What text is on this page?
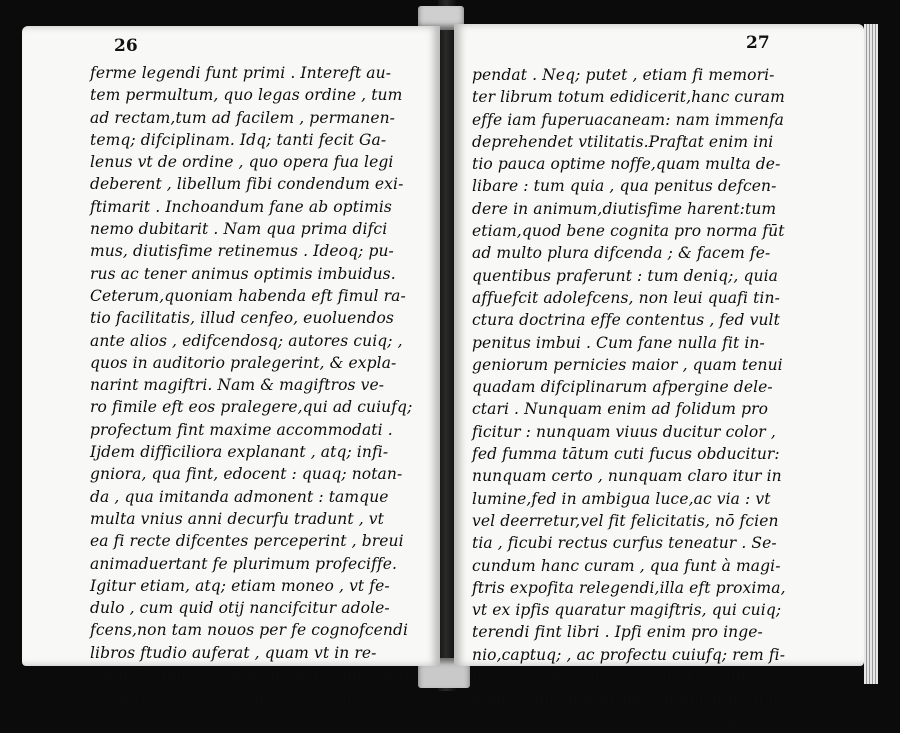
26
ferme legendi funt primi . Intereft au-
tem permultum, quo legas ordine , tum
ad rectam,tum ad facilem , permanen-
temq; difciplinam. Idq; tanti fecit Ga-
lenus vt de ordine , quo opera fua legi
deberent , libellum fibi condendum exi-
ftimarit . Inchoandum fane ab optimis
nemo dubitarit . Nam qua prima difci
mus, diutisfime retinemus . Ideoq; pu-
rus ac tener animus optimis imbuidus.
Ceterum,quoniam habenda eft fimul ra-
tio facilitatis, illud cenfeo, euoluendos
ante alios , edifcendosq; autores cuiq; ,
quos in auditorio pralegerint, & expla-
narint magiftri. Nam & magiftros ve-
ro fimile eft eos pralegere,qui ad cuiufq;
profectum fint maxime accommodati .
Ijdem difficiliora explanant , atq; infi-
gniora, qua fint, edocent : quaq; notan-
da , qua imitanda admonent : tamque
multa vnius anni decurfu tradunt , vt
ea fi recte difcentes perceperint , breui
animaduertant fe plurimum profeciffe.
Igitur etiam, atq; etiam moneo , vt fe-
dulo , cum quid otij nancifcitur adole-
fcens,non tam nouos per fe cognofcendi
libros ftudio auferat , quam vt in re-
cognofcendis reuoluendisq; ijs,quos iam
magiftro duce cognouerit,diligenter im-
pendat.
27
pendat . Neq; putet , etiam fi memori-
ter librum totum edidicerit,hanc curam
effe iam fuperuacaneam: nam immenfa
deprehendet vtilitatis.Praftat enim ini
tio pauca optime noffe,quam multa de-
libare : tum quia , qua penitus defcen-
dere in animum,diutisfime harent:tum
etiam,quod bene cognita pro norma fūt
ad multo plura difcenda ; & facem fe-
quentibus praferunt : tum deniq;, quia
affuefcit adolefcens, non leui quafi tin-
ctura doctrina effe contentus , fed vult
penitus imbui . Cum fane nulla fit in-
geniorum pernicies maior , quam tenui
quadam difciplinarum afpergine dele-
ctari . Nunquam enim ad folidum pro
ficitur : nunquam viuus ducitur color ,
fed fumma tātum cuti fucus obducitur:
nunquam certo , nunquam claro itur in
lumine,fed in ambigua luce,ac via : vt
vel deerretur,vel fit felicitatis, nō fcien
tia , ficubi rectus curfus teneatur . Se-
cundum hanc curam , qua funt à magi-
ftris expofita relegendi,illa eft proxima,
vt ex ipfis quaratur magiftris, qui cuiq;
terendi fint libri . Ipfi enim pro inge-
nio,captuq; , ac profectu cuiufq; rem fi-
nient . Nam vniuerfe , quod omnibus
aque conueniat,propter diuerfitatem in-
genio-
